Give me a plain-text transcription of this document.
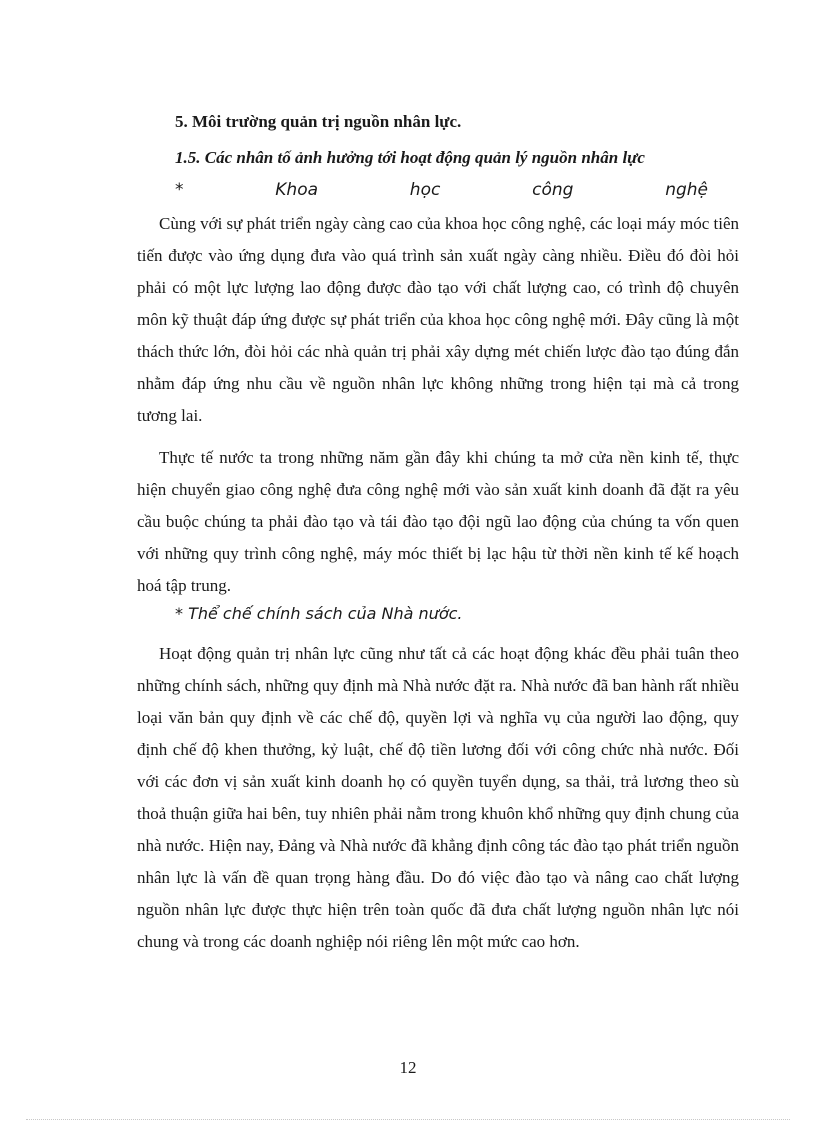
5. Môi trường quản trị nguồn nhân lực.
1.5. Các nhân tố ảnh hưởng tới hoạt động quản lý nguồn nhân lực
* Khoa học công nghệ

Cùng với sự phát triển ngày càng cao của khoa học công nghệ, các loại máy móc tiên tiến được vào ứng dụng đưa vào quá trình sản xuất ngày càng nhiều. Điều đó đòi hỏi phải có một lực lượng lao động được đào tạo với chất lượng cao, có trình độ chuyên môn kỹ thuật đáp ứng được sự phát triển của khoa học công nghệ mới. Đây cũng là một thách thức lớn, đòi hỏi các nhà quản trị phải xây dựng mét chiến lược đào tạo đúng đắn nhằm đáp ứng nhu cầu về nguồn nhân lực không những trong hiện tại mà cả trong tương lai.

Thực tế nước ta trong những năm gần đây khi chúng ta mở cửa nền kinh tế, thực hiện chuyển giao công nghệ đưa công nghệ mới vào sản xuất kinh doanh đã đặt ra yêu cầu buộc chúng ta phải đào tạo và tái đào tạo đội ngũ lao động của chúng ta vốn quen với những quy trình công nghệ, máy móc thiết bị lạc hậu từ thời nền kinh tế kế hoạch hoá tập trung.

* Thể chế chính sách của Nhà nước.

Hoạt động quản trị nhân lực cũng như tất cả các hoạt động khác đều phải tuân theo những chính sách, những quy định mà Nhà nước đặt ra. Nhà nước đã ban hành rất nhiều loại văn bản quy định về các chế độ, quyền lợi và nghĩa vụ của người lao động, quy định chế độ khen thưởng, kỷ luật, chế độ tiền lương đối với công chức nhà nước. Đối với các đơn vị sản xuất kinh doanh họ có quyền tuyển dụng, sa thải, trả lương theo sù thoả thuận giữa hai bên, tuy nhiên phải nằm trong khuôn khổ những quy định chung của nhà nước. Hiện nay, Đảng và Nhà nước đã khẳng định công tác đào tạo phát triển nguồn nhân lực là vấn đề quan trọng hàng đầu. Do đó việc đào tạo và nâng cao chất lượng nguồn nhân lực được thực hiện trên toàn quốc đã đưa chất lượng nguồn nhân lực nói chung và trong các doanh nghiệp nói riêng lên một mức cao hơn.

12
